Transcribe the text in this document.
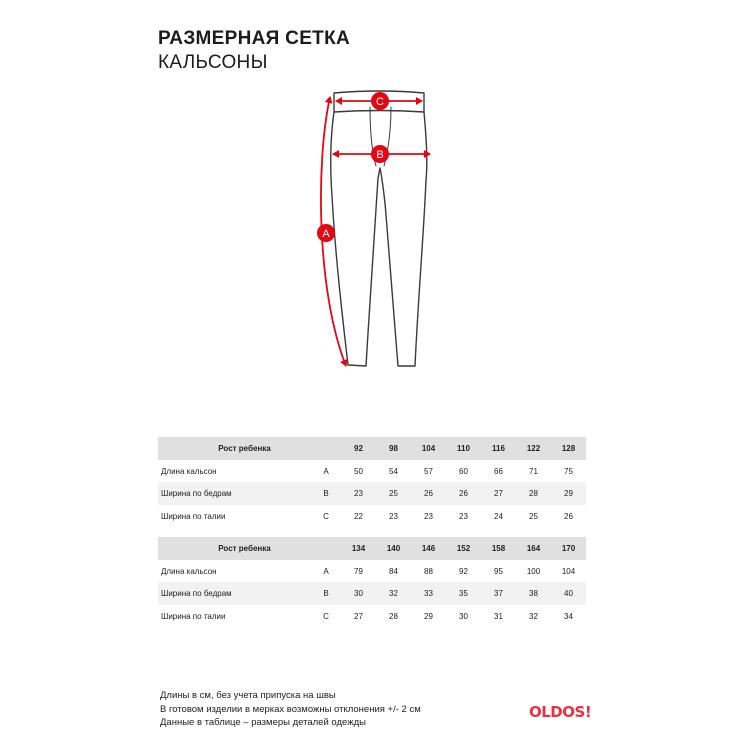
РАЗМЕРНАЯ СЕТКА
КАЛЬСОНЫ
A
B
C
Рост ребенка		92	98	104	110	116	122	128
Длина кальсон	A	50	54	57	60	66	71	75
Ширина по бедрам	B	23	25	26	26	27	28	29
Ширина по талии	C	22	23	23	23	24	25	26
Рост ребенка		134	140	146	152	158	164	170
Длина кальсон	A	79	84	88	92	95	100	104
Ширина по бедрам	B	30	32	33	35	37	38	40
Ширина по талии	C	27	28	29	30	31	32	34
Длины в см, без учета припуска на швы
В готовом изделии в мерках возможны отклонения +/- 2 см
Данные в таблице – размеры деталей одежды
OLDOS!
